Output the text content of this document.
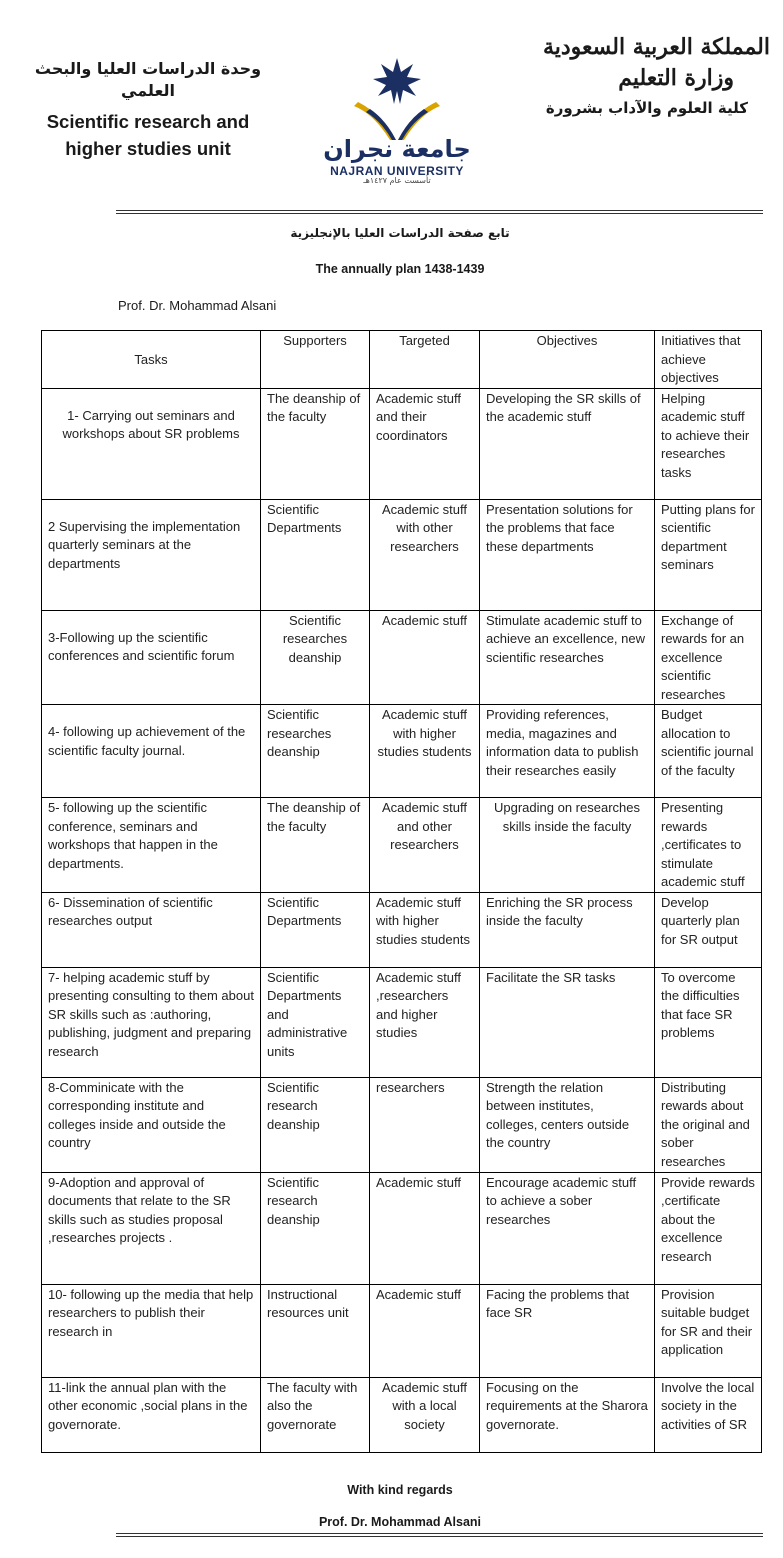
وحدة الدراسات العليا والبحث العلمي
Scientific research and higher studies unit
المملكة العربية السعودية
وزارة التعليم
كلية العلوم والآداب بشرورة
جامعة نجران
NAJRAN UNIVERSITY
تأسست عام ١٤٢٧هـ
تابع صفحة الدراسات العليا بالإنجليزية
The annually plan 1438-1439
Prof. Dr. Mohammad Alsani
Tasks	Supporters	Targeted	Objectives	Initiatives that achieve objectives
1- Carrying out seminars and workshops about SR problems	The deanship of the faculty	Academic stuff and their coordinators	Developing the SR skills of the academic stuff	Helping academic stuff to achieve their researches tasks
2 Supervising the implementation quarterly seminars at the departments	Scientific Departments	Academic stuff with other researchers	Presentation solutions for the problems that face these departments	Putting plans for scientific department seminars
3-Following up the scientific conferences and scientific forum	Scientific researches deanship	Academic stuff	Stimulate academic stuff to achieve an excellence, new scientific researches	Exchange of rewards for an excellence scientific researches
4- following up achievement of the scientific faculty journal.	Scientific researches deanship	Academic stuff with higher studies students	Providing references, media, magazines and information data to publish their researches easily	Budget allocation to scientific journal of the faculty
5- following up the scientific conference, seminars and workshops that happen in the departments.	The deanship of the faculty	Academic stuff and other researchers	Upgrading on researches skills inside the faculty	Presenting rewards ,certificates to stimulate academic stuff
6- Dissemination of scientific researches output	Scientific Departments	Academic stuff with higher studies students	Enriching the SR process inside the faculty	Develop quarterly plan for SR output
7- helping academic stuff by presenting consulting to them about SR skills such as :authoring, publishing, judgment and preparing research	Scientific Departments and administrative units	Academic stuff ,researchers and higher studies	Facilitate the SR tasks	To overcome the difficulties that face SR problems
8-Comminicate with the corresponding institute and colleges inside and outside the country	Scientific research deanship	researchers	Strength the relation between institutes, colleges, centers outside the country	Distributing rewards about the original and sober researches
9-Adoption and approval of documents that relate to the SR skills such as studies proposal ,researches projects .	Scientific research deanship	Academic stuff	Encourage academic stuff to achieve a sober researches	Provide rewards ,certificate about the excellence research
10- following up the media that help researchers to publish their research in	Instructional resources unit	Academic stuff	Facing the problems that face SR	Provision suitable budget for SR and their application
11-link the annual plan with the other economic ,social plans in the governorate.	The faculty with also the governorate	Academic stuff with a local society	Focusing on the requirements at the Sharora governorate.	Involve the local society in the activities of SR
With kind regards
Prof. Dr. Mohammad Alsani
